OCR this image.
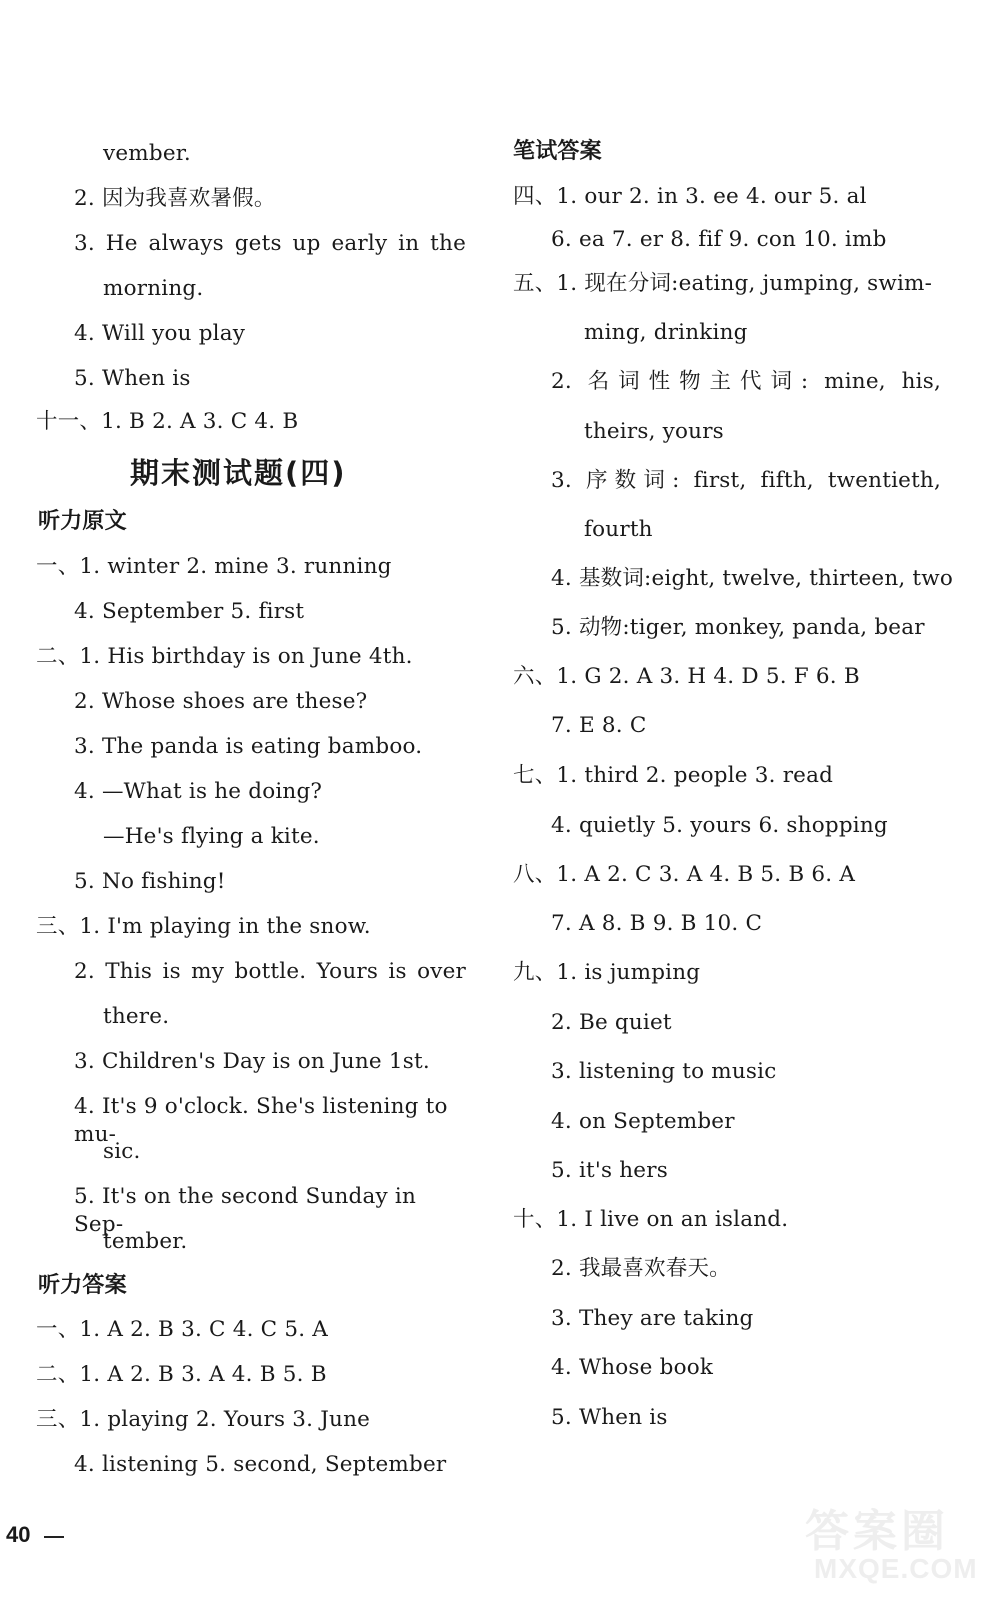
vember.
2. 因为我喜欢暑假。
3. He always gets up early in the
morning.
4. Will you play
5. When is
十一、1. B 2. A 3. C 4. B
期末测试题(四)
听力原文
一、1. winter 2. mine 3. running
4. September 5. first
二、1. His birthday is on June 4th.
2. Whose shoes are these?
3. The panda is eating bamboo.
4. —What is he doing?
—He's flying a kite.
5. No fishing!
三、1. I'm playing in the snow.
2. This is my bottle. Yours is over
there.
3. Children's Day is on June 1st.
4. It's 9 o'clock. She's listening to mu-
sic.
5. It's on the second Sunday in Sep-
tember.
听力答案
一、1. A 2. B 3. C 4. C 5. A
二、1. A 2. B 3. A 4. B 5. B
三、1. playing 2. Yours 3. June
4. listening 5. second, September
笔试答案
四、1. our 2. in 3. ee 4. our 5. al
6. ea 7. er 8. fif 9. con 10. imb
五、1. 现在分词:eating, jumping, swim-
ming, drinking
2. 名词性物主代词: mine, his,
theirs, yours
3. 序数词: first, fifth, twentieth,
fourth
4. 基数词:eight, twelve, thirteen, two
5. 动物:tiger, monkey, panda, bear
六、1. G 2. A 3. H 4. D 5. F 6. B
7. E 8. C
七、1. third 2. people 3. read
4. quietly 5. yours 6. shopping
八、1. A 2. C 3. A 4. B 5. B 6. A
7. A 8. B 9. B 10. C
九、1. is jumping
2. Be quiet
3. listening to music
4. on September
5. it's hers
十、1. I live on an island.
2. 我最喜欢春天。
3. They are taking
4. Whose book
5. When is
40	答案圈
MXQE.COM
